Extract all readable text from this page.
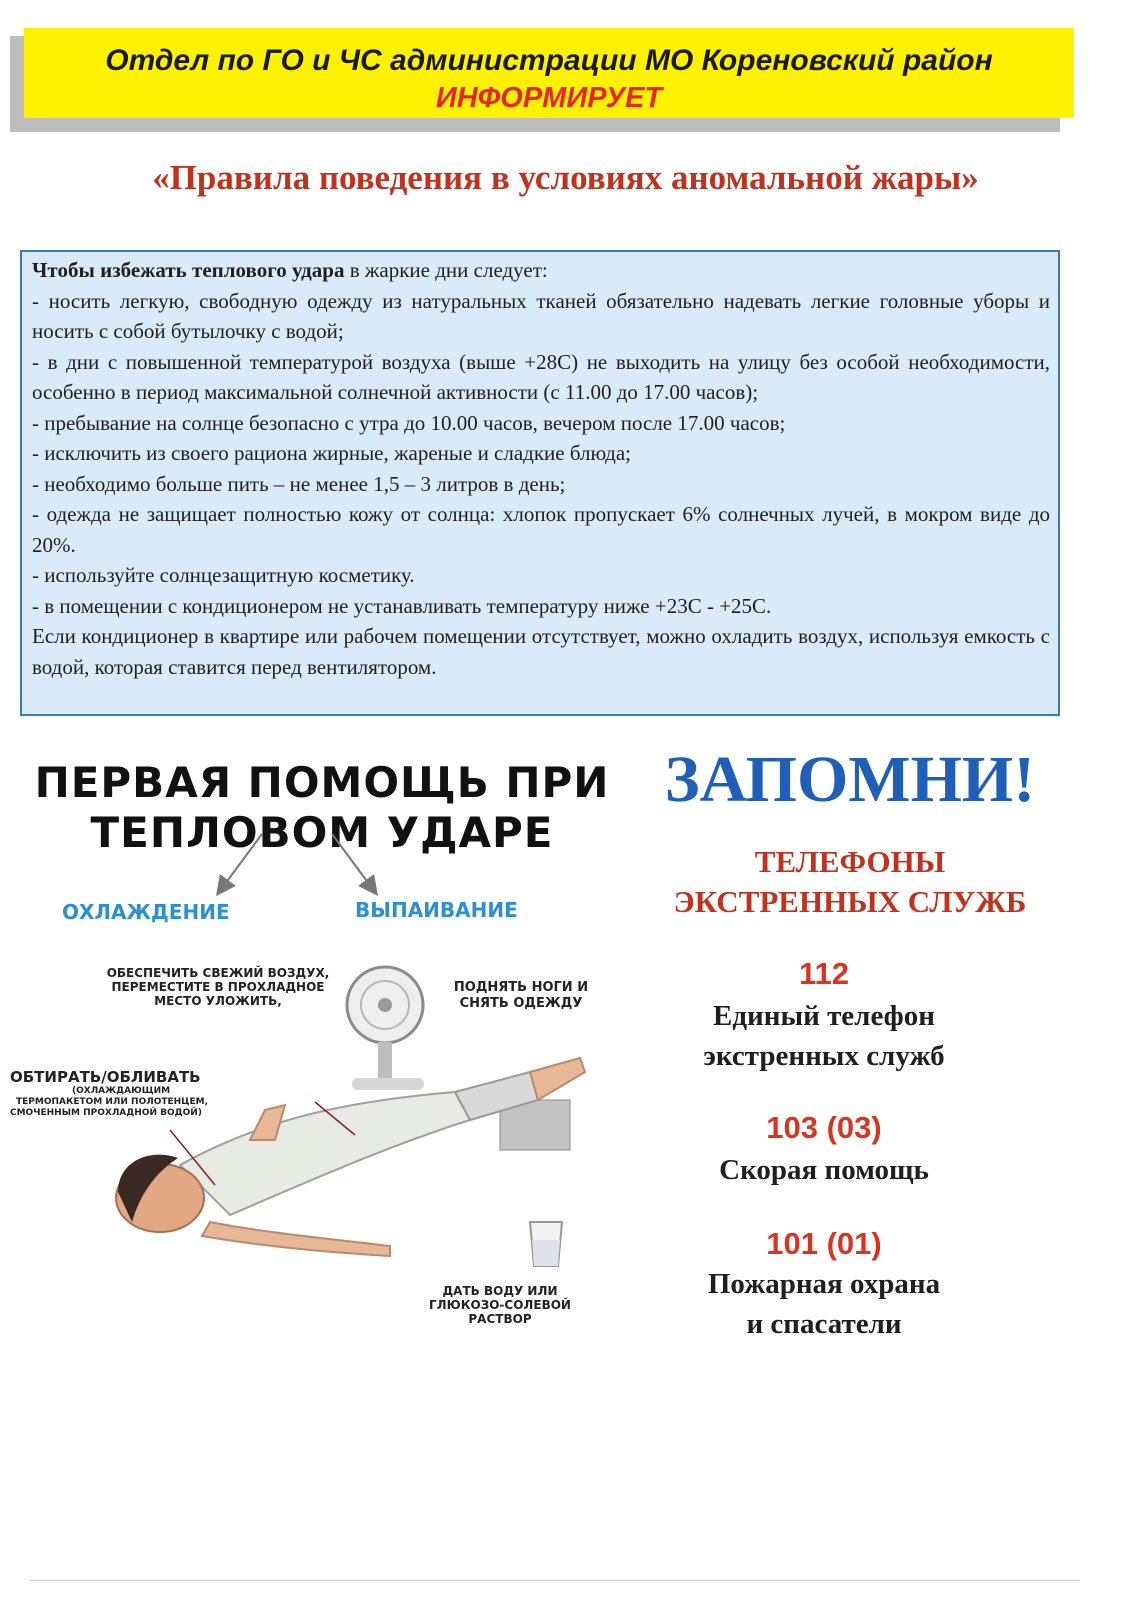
Отдел по ГО и ЧС администрации МО Кореновский район
ИНФОРМИРУЕТ
«Правила поведения в условиях аномальной жары»

Чтобы избежать теплового удара в жаркие дни следует:

- носить легкую, свободную одежду из натуральных тканей обязательно надевать легкие головные уборы и носить с собой бутылочку с водой;

- в дни с повышенной температурой воздуха (выше +28С) не выходить на улицу без особой необходимости, особенно в период максимальной солнечной активности (с 11.00 до 17.00 часов);

- пребывание на солнце безопасно с утра до 10.00 часов, вечером после 17.00 часов;

- исключить из своего рациона жирные, жареные и сладкие блюда;

- необходимо больше пить – не менее 1,5 – 3 литров в день;

- одежда не защищает полностью кожу от солнца: хлопок пропускает 6% солнечных лучей, в мокром виде до 20%.

- используйте солнцезащитную косметику.

- в помещении с кондиционером не устанавливать температуру ниже +23С - +25С.

Если кондиционер в квартире или рабочем помещении отсутствует, можно охладить воздух, используя емкость с водой, которая ставится перед вентилятором.

ПЕРВАЯ ПОМОЩЬ ПРИ
ТЕПЛОВОМ УДАРЕ
ОХЛАЖДЕНИЕ	ВЫПАИВАНИЕ
ОБЕСПЕЧИТЬ СВЕЖИЙ ВОЗДУХ,
ПЕРЕМЕСТИТЕ В ПРОХЛАДНОЕ
МЕСТО УЛОЖИТЬ,
ПОДНЯТЬ НОГИ И
СНЯТЬ ОДЕЖДУ
ОБТИРАТЬ/ОБЛИВАТЬ
(ОХЛАЖДАЮЩИМ
ТЕРМОПАКЕТОМ ИЛИ ПОЛОТЕНЦЕМ,
СМОЧЕННЫМ ПРОХЛАДНОЙ ВОДОЙ)
ДАТЬ ВОДУ ИЛИ
ГЛЮКОЗО-СОЛЕВОЙ
РАСТВОР
ЗАПОМНИ!
ТЕЛЕФОНЫ
ЭКСТРЕННЫХ СЛУЖБ
112
Единый телефон
экстренных служб
103 (03)
Скорая помощь
101 (01)
Пожарная охрана
и спасатели
